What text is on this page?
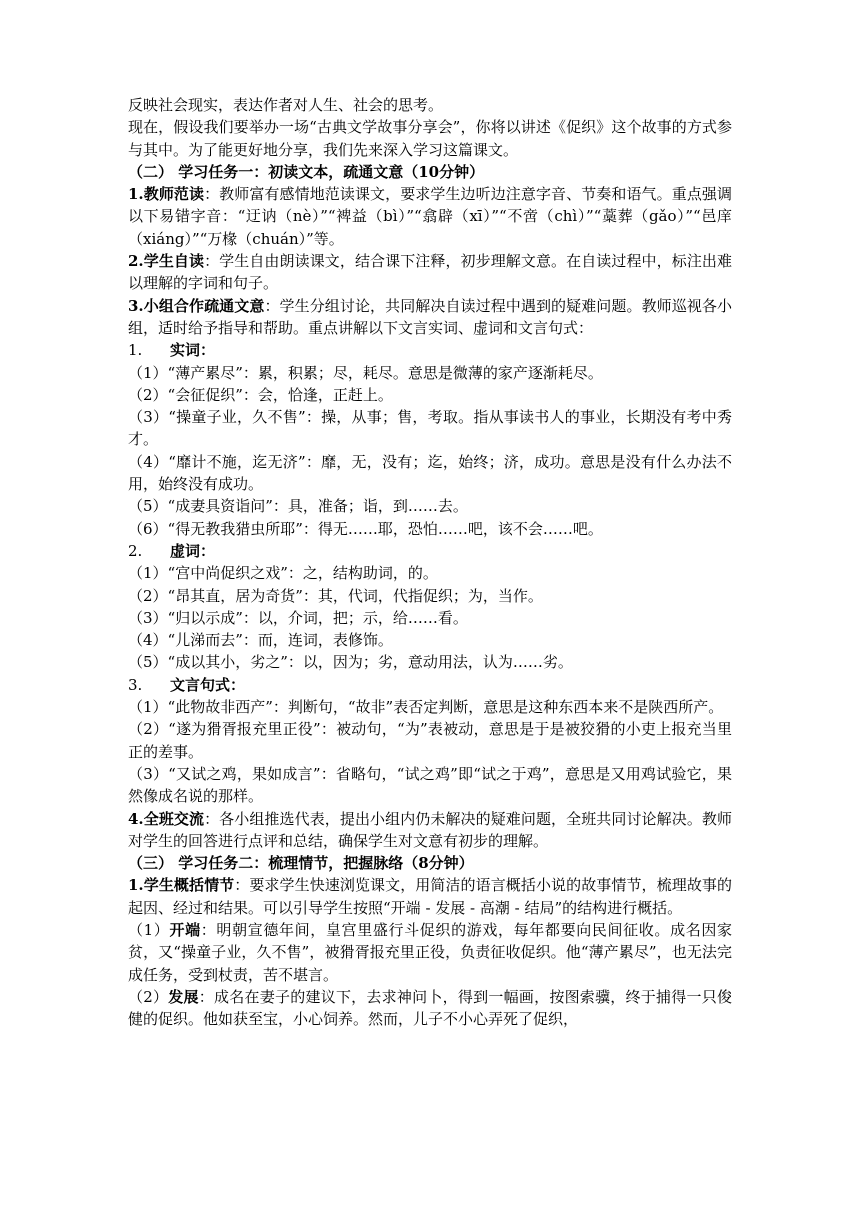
反映社会现实，表达作者对人生、社会的思考。
现在，假设我们要举办一场“古典文学故事分享会”，你将以讲述《促织》这个故事的方式参与其中。为了能更好地分享，我们先来深入学习这篇课文。
（二） 学习任务一：初读文本，疏通文意（10分钟）
1.教师范读：教师富有感情地范读课文，要求学生边听边注意字音、节奏和语气。重点强调以下易错字音：“迂讷（nè）”“裨益（bì）”“翕辟（xī）”“不啻（chì）”“藁葬（gǎo）”“邑庠（xiáng）”“万椽（chuán）”等。
2.学生自读：学生自由朗读课文，结合课下注释，初步理解文意。在自读过程中，标注出难以理解的字词和句子。
3.小组合作疏通文意：学生分组讨论，共同解决自读过程中遇到的疑难问题。教师巡视各小组，适时给予指导和帮助。重点讲解以下文言实词、虚词和文言句式：
1. 实词：
（1）“薄产累尽”：累，积累；尽，耗尽。意思是微薄的家产逐渐耗尽。
（2）“会征促织”：会，恰逢，正赶上。
（3）“操童子业，久不售”：操，从事；售，考取。指从事读书人的事业，长期没有考中秀才。
（4）“靡计不施，迄无济”：靡，无，没有；迄，始终；济，成功。意思是没有什么办法不用，始终没有成功。
（5）“成妻具资诣问”：具，准备；诣，到……去。
（6）“得无教我猎虫所耶”：得无……耶，恐怕……吧，该不会……吧。
2. 虚词：
（1）“宫中尚促织之戏”：之，结构助词，的。
（2）“昂其直，居为奇货”：其，代词，代指促织；为，当作。
（3）“归以示成”：以，介词，把；示，给……看。
（4）“儿涕而去”：而，连词，表修饰。
（5）“成以其小，劣之”：以，因为；劣，意动用法，认为……劣。
3. 文言句式：
（1）“此物故非西产”：判断句，“故非”表否定判断，意思是这种东西本来不是陕西所产。
（2）“遂为猾胥报充里正役”：被动句，“为”表被动，意思是于是被狡猾的小吏上报充当里正的差事。
（3）“又试之鸡，果如成言”：省略句，“试之鸡”即“试之于鸡”，意思是又用鸡试验它，果然像成名说的那样。
4.全班交流：各小组推选代表，提出小组内仍未解决的疑难问题，全班共同讨论解决。教师对学生的回答进行点评和总结，确保学生对文意有初步的理解。
（三） 学习任务二：梳理情节，把握脉络（8分钟）
1.学生概括情节：要求学生快速浏览课文，用简洁的语言概括小说的故事情节，梳理故事的起因、经过和结果。可以引导学生按照“开端 - 发展 - 高潮 - 结局”的结构进行概括。
（1）开端：明朝宣德年间，皇宫里盛行斗促织的游戏，每年都要向民间征收。成名因家贫，又“操童子业，久不售”，被猾胥报充里正役，负责征收促织。他“薄产累尽”，也无法完成任务，受到杖责，苦不堪言。
（2）发展：成名在妻子的建议下，去求神问卜，得到一幅画，按图索骥，终于捕得一只俊健的促织。他如获至宝，小心饲养。然而，儿子不小心弄死了促织，
